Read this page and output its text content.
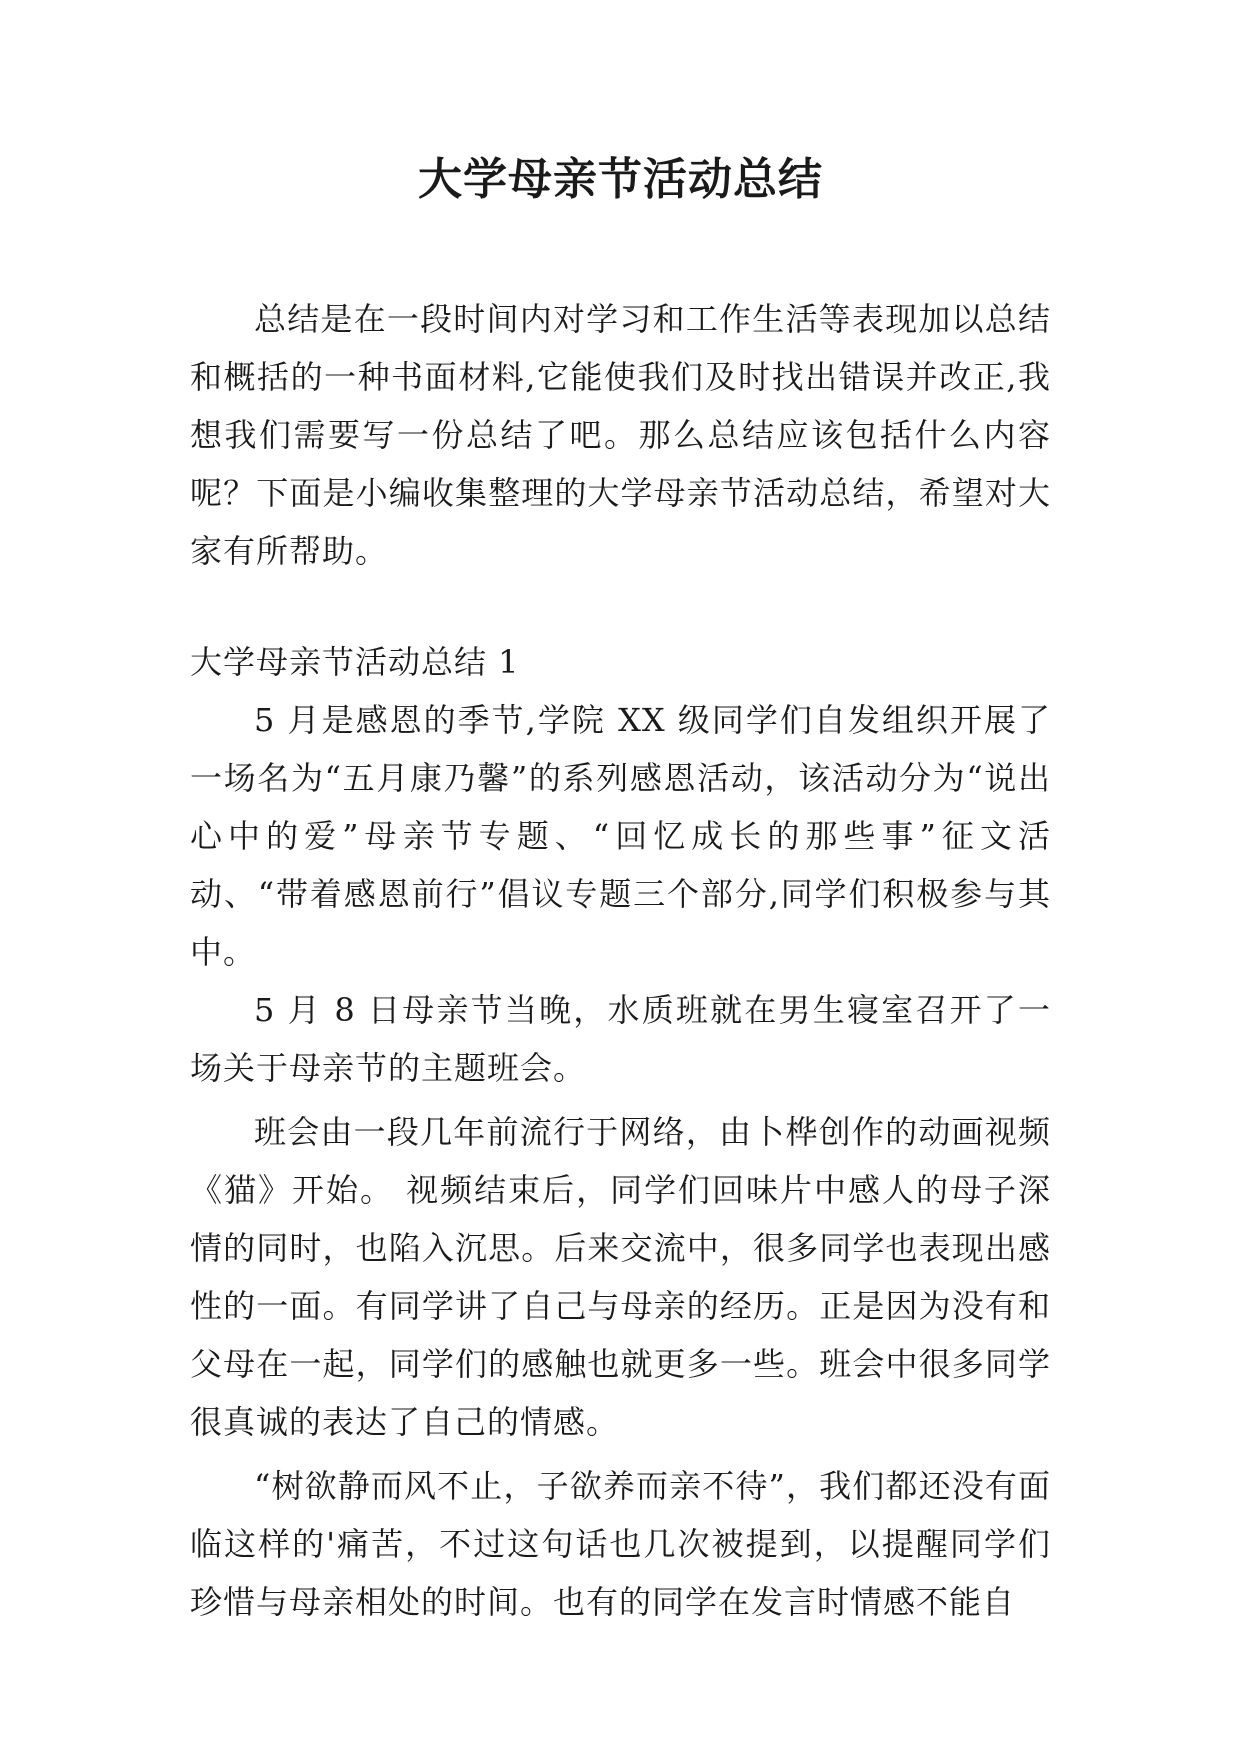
大学母亲节活动总结

总结是在一段时间内对学习和工作生活等表现加以总结和概括的一种书面材料,它能使我们及时找出错误并改正,我想我们需要写一份总结了吧。那么总结应该包括什么内容呢？下面是小编收集整理的大学母亲节活动总结，希望对大家有所帮助。

大学母亲节活动总结 1

5 月是感恩的季节,学院 XX 级同学们自发组织开展了一场名为“五月康乃馨”的系列感恩活动，该活动分为“说出心中的爱”母亲节专题、“回忆成长的那些事”征文活动、“带着感恩前行”倡议专题三个部分,同学们积极参与其中。

5 月 8 日母亲节当晚，水质班就在男生寝室召开了一场关于母亲节的主题班会。

班会由一段几年前流行于网络，由卜桦创作的动画视频《猫》开始。 视频结束后，同学们回味片中感人的母子深情的同时，也陷入沉思。后来交流中，很多同学也表现出感性的一面。有同学讲了自己与母亲的经历。正是因为没有和父母在一起，同学们的感触也就更多一些。班会中很多同学很真诚的表达了自己的情感。

“树欲静而风不止，子欲养而亲不待”，我们都还没有面临这样的'痛苦，不过这句话也几次被提到，以提醒同学们珍惜与母亲相处的时间。也有的同学在发言时情感不能自
